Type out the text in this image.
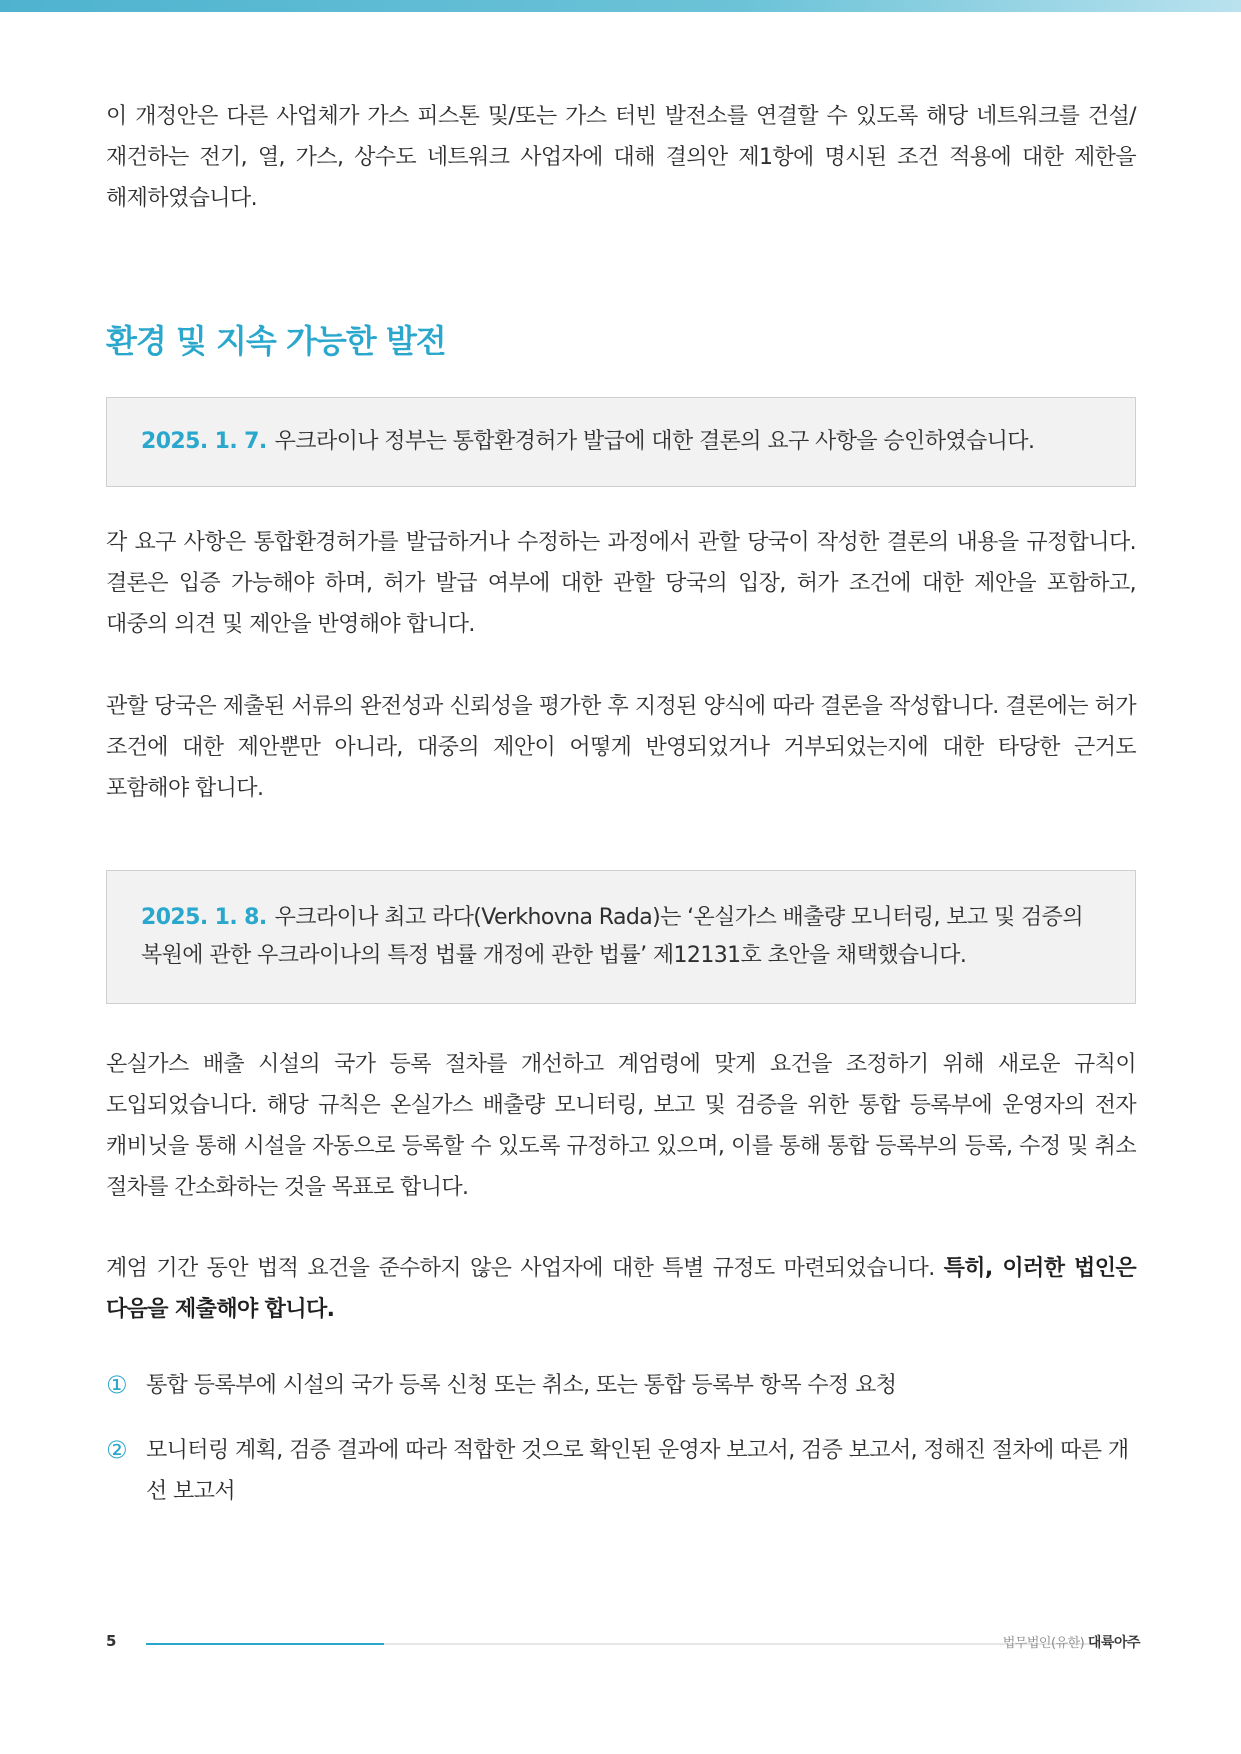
이 개정안은 다른 사업체가 가스 피스톤 및/또는 가스 터빈 발전소를 연결할 수 있도록 해당 네트워크를 건설/재건하는 전기, 열, 가스, 상수도 네트워크 사업자에 대해 결의안 제1항에 명시된 조건 적용에 대한 제한을 해제하였습니다.

환경 및 지속 가능한 발전
2025. 1. 7. 우크라이나 정부는 통합환경허가 발급에 대한 결론의 요구 사항을 승인하였습니다.

각 요구 사항은 통합환경허가를 발급하거나 수정하는 과정에서 관할 당국이 작성한 결론의 내용을 규정합니다. 결론은 입증 가능해야 하며, 허가 발급 여부에 대한 관할 당국의 입장, 허가 조건에 대한 제안을 포함하고, 대중의 의견 및 제안을 반영해야 합니다.

관할 당국은 제출된 서류의 완전성과 신뢰성을 평가한 후 지정된 양식에 따라 결론을 작성합니다. 결론에는 허가 조건에 대한 제안뿐만 아니라, 대중의 제안이 어떻게 반영되었거나 거부되었는지에 대한 타당한 근거도 포함해야 합니다.

2025. 1. 8. 우크라이나 최고 라다(Verkhovna Rada)는 ‘온실가스 배출량 모니터링, 보고 및 검증의 복원에 관한 우크라이나의 특정 법률 개정에 관한 법률’ 제12131호 초안을 채택했습니다.

온실가스 배출 시설의 국가 등록 절차를 개선하고 계엄령에 맞게 요건을 조정하기 위해 새로운 규칙이 도입되었습니다. 해당 규칙은 온실가스 배출량 모니터링, 보고 및 검증을 위한 통합 등록부에 운영자의 전자 캐비닛을 통해 시설을 자동으로 등록할 수 있도록 규정하고 있으며, 이를 통해 통합 등록부의 등록, 수정 및 취소 절차를 간소화하는 것을 목표로 합니다.

계엄 기간 동안 법적 요건을 준수하지 않은 사업자에 대한 특별 규정도 마련되었습니다. 특히, 이러한 법인은 다음을 제출해야 합니다.

① 통합 등록부에 시설의 국가 등록 신청 또는 취소, 또는 통합 등록부 항목 수정 요청
② 모니터링 계획, 검증 결과에 따라 적합한 것으로 확인된 운영자 보고서, 검증 보고서, 정해진 절차에 따른 개선 보고서
5	법무법인(유한) 대륙아주
